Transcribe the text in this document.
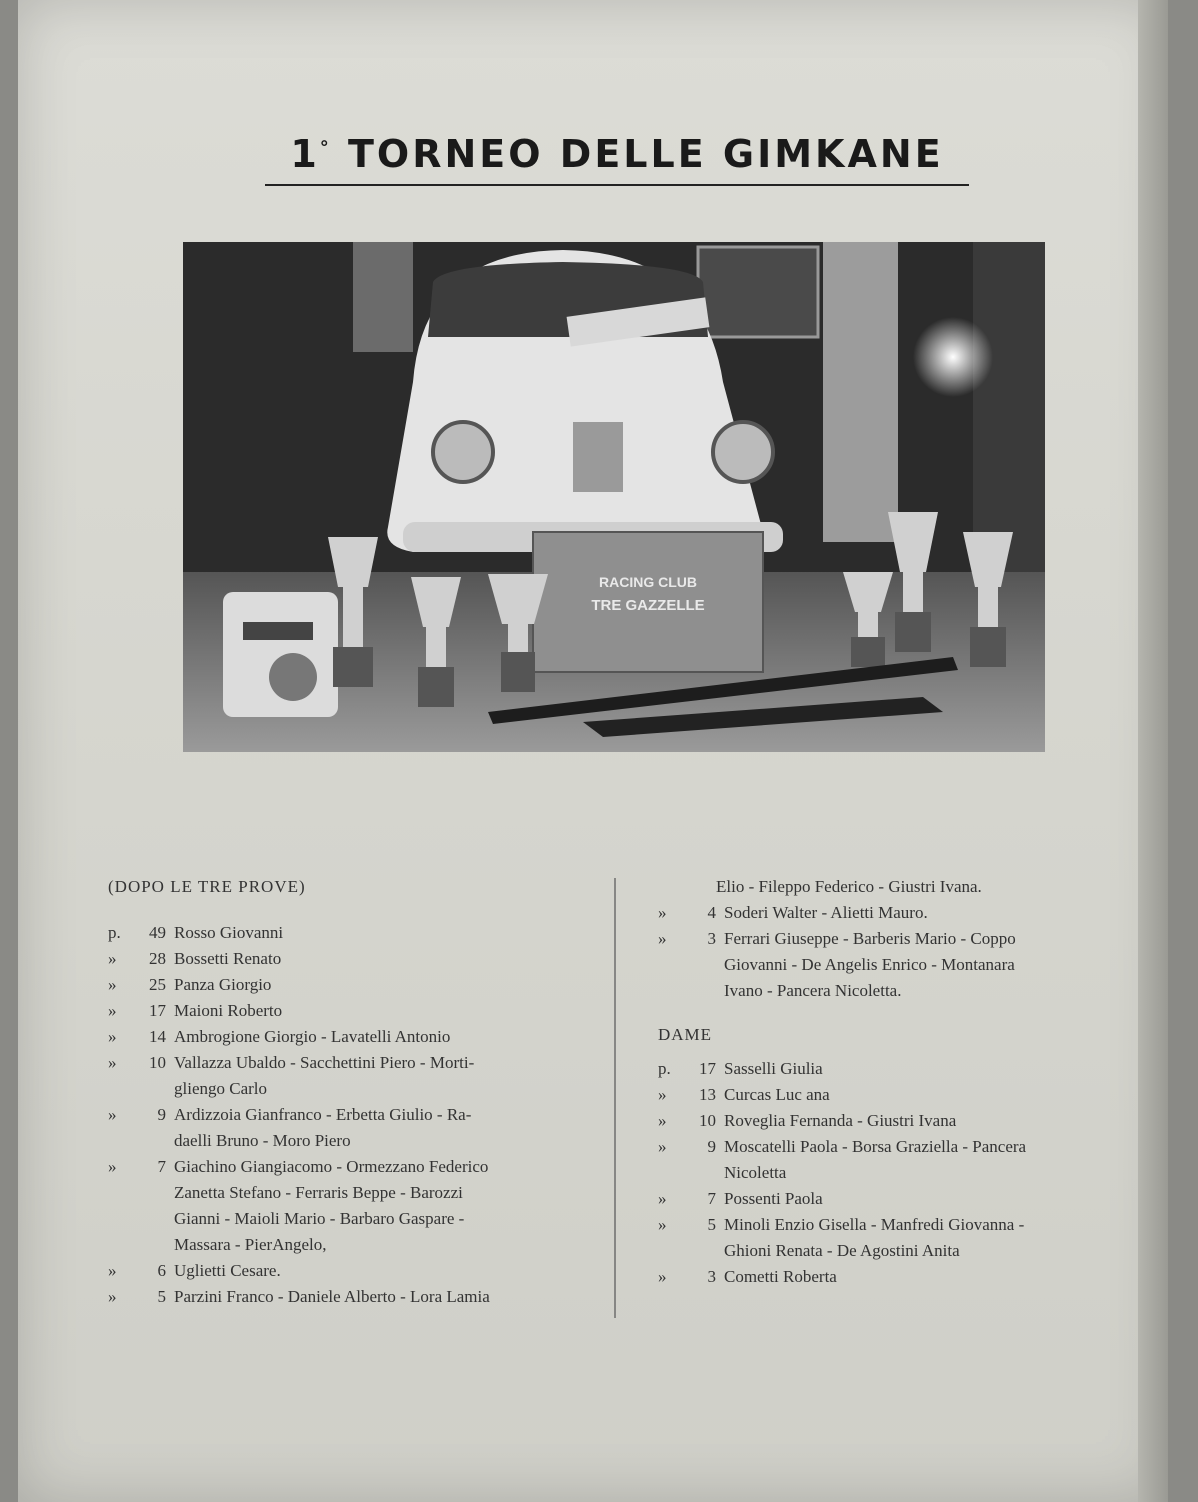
1° TORNEO DELLE GIMKANE
RACING CLUB
TRE GAZZELLE
(DOPO LE TRE PROVE)
p.	49 Rosso Giovanni
»	28 Bossetti Renato
»	25 Panza Giorgio
»	17 Maioni Roberto
»	14 Ambrogione Giorgio - Lavatelli Antonio
»	10 Vallazza Ubaldo - Sacchettini Piero - Morti-
gliengo Carlo
»	9 Ardizzoia Gianfranco - Erbetta Giulio - Ra-
daelli Bruno - Moro Piero
»	7 Giachino Giangiacomo - Ormezzano Federico
Zanetta Stefano - Ferraris Beppe - Barozzi
Gianni - Maioli Mario - Barbaro Gaspare -
Massara - PierAngelo,
»	6 Uglietti Cesare.
»	5 Parzini Franco - Daniele Alberto - Lora Lamia
Elio - Fileppo Federico - Giustri Ivana.
»	4 Soderi Walter - Alietti Mauro.
»	3 Ferrari Giuseppe - Barberis Mario - Coppo
Giovanni - De Angelis Enrico - Montanara
Ivano - Pancera Nicoletta.
DAME
p.	17 Sasselli Giulia
»	13 Curcas Luc ana
»	10 Roveglia Fernanda - Giustri Ivana
»	9 Moscatelli Paola - Borsa Graziella - Pancera
Nicoletta
»	7 Possenti Paola
»	5 Minoli Enzio Gisella - Manfredi Giovanna -
Ghioni Renata - De Agostini Anita
»	3 Cometti Roberta
